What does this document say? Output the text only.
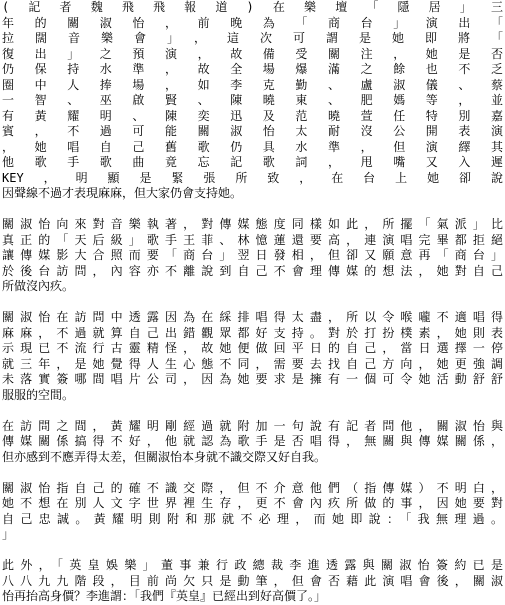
(記者魏飛飛報道)在樂壇「隱居」三
年的關淑怡，前晚為「商台」演出「
拉闊音樂會」，這次可謂是她即將「
復出」之預演，故備受關注，她是否
仍保持水準，故全場爆滿之餘也不乏
圈中人捧場，如李克勤、盧淑儀、蔡
一智、巫啟賢、陳曉東、肥媽等，並
有黃耀明、陳奕迅及范曉萱任特別嘉
賓，不過可能關淑怡太耐沒公開表演
，她唱自己舊歌仍具水準，但演繹其
他歌手歌曲竟忘記歌詞，甩嘴又入遲
KEY，明顯是緊張所致，在台上她卻說
因聲線不過才表現麻麻，但大家仍會支持她。
關淑怡向來對音樂執著，對傳媒態度同樣如此，所擺「氣派」比
真正的「天后級」歌手王菲、林憶蓮還要高，連演唱完畢都拒絕
讓傳媒影大合照而要「商台」翌日發相，但卻又願意再「商台」
於後台訪問，內容亦不離說到自己不會理傳媒的想法，她對自己
所做沒內疚。
關淑怡在訪問中透露因為在綵排唱得太盡，所以令喉嚨不適唱得
麻麻，不過就算自己出錯觀眾都好支持。對於打扮樸素，她則表
示現已不流行古靈精怪，故她便做回平日的自己，當日選擇一停
就三年，是她覺得人生心態不同，需要去找自己方向，她更強調
未落實簽哪間唱片公司，因為她要求是擁有一個可令她活動舒舒
服服的空間。
在訪問之間，黃耀明剛經過就附加一句說有記者問他，關淑怡與
傳媒關係搞得不好，他就認為歌手是否唱得，無關與傳媒關係，
但亦感到不應弄得太差，但關淑怡本身就不識交際又好自我。
關淑怡指自己的確不識交際，但不介意他們（指傳媒）不明白，
她不想在別人文字世界裡生存，更不會內疚所做的事，因她要對
自己忠誠。黃耀明則附和那就不必理，而她即說：「我無理過。
」
此外，「英皇娛樂」董事兼行政總裁李進透露與關淑怡簽約已是
八八九九階段，目前尚欠只是動筆，但會否藉此演唱會後，關淑
怡再抬高身價？李進謂：「我們『英皇』已經出到好高價了。」
